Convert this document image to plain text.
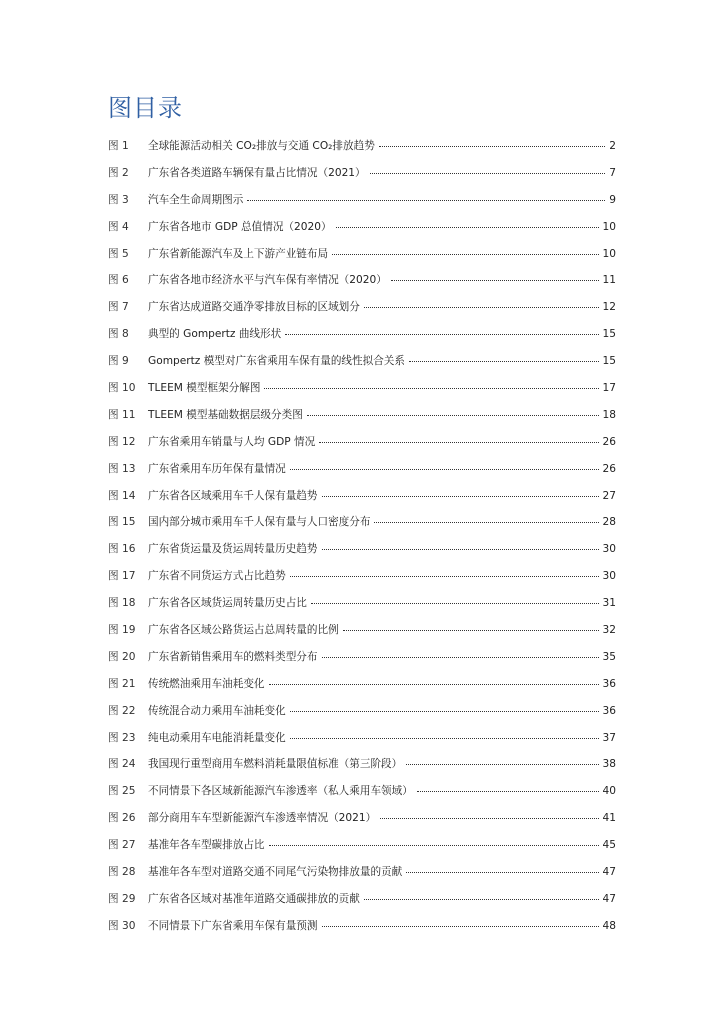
图目录
图 1	全球能源活动相关 CO₂排放与交通 CO₂排放趋势	2
图 2	广东省各类道路车辆保有量占比情况（2021）	7
图 3	汽车全生命周期图示	9
图 4	广东省各地市 GDP 总值情况（2020）	10
图 5	广东省新能源汽车及上下游产业链布局	10
图 6	广东省各地市经济水平与汽车保有率情况（2020）	11
图 7	广东省达成道路交通净零排放目标的区域划分	12
图 8	典型的 Gompertz 曲线形状	15
图 9	Gompertz 模型对广东省乘用车保有量的线性拟合关系	15
图 10	TLEEM 模型框架分解图	17
图 11	TLEEM 模型基础数据层级分类图	18
图 12	广东省乘用车销量与人均 GDP 情况	26
图 13	广东省乘用车历年保有量情况	26
图 14	广东省各区域乘用车千人保有量趋势	27
图 15	国内部分城市乘用车千人保有量与人口密度分布	28
图 16	广东省货运量及货运周转量历史趋势	30
图 17	广东省不同货运方式占比趋势	30
图 18	广东省各区域货运周转量历史占比	31
图 19	广东省各区域公路货运占总周转量的比例	32
图 20	广东省新销售乘用车的燃料类型分布	35
图 21	传统燃油乘用车油耗变化	36
图 22	传统混合动力乘用车油耗变化	36
图 23	纯电动乘用车电能消耗量变化	37
图 24	我国现行重型商用车燃料消耗量限值标准（第三阶段）	38
图 25	不同情景下各区域新能源汽车渗透率（私人乘用车领域）	40
图 26	部分商用车车型新能源汽车渗透率情况（2021）	41
图 27	基准年各车型碳排放占比	45
图 28	基准年各车型对道路交通不同尾气污染物排放量的贡献	47
图 29	广东省各区域对基准年道路交通碳排放的贡献	47
图 30	不同情景下广东省乘用车保有量预测	48
